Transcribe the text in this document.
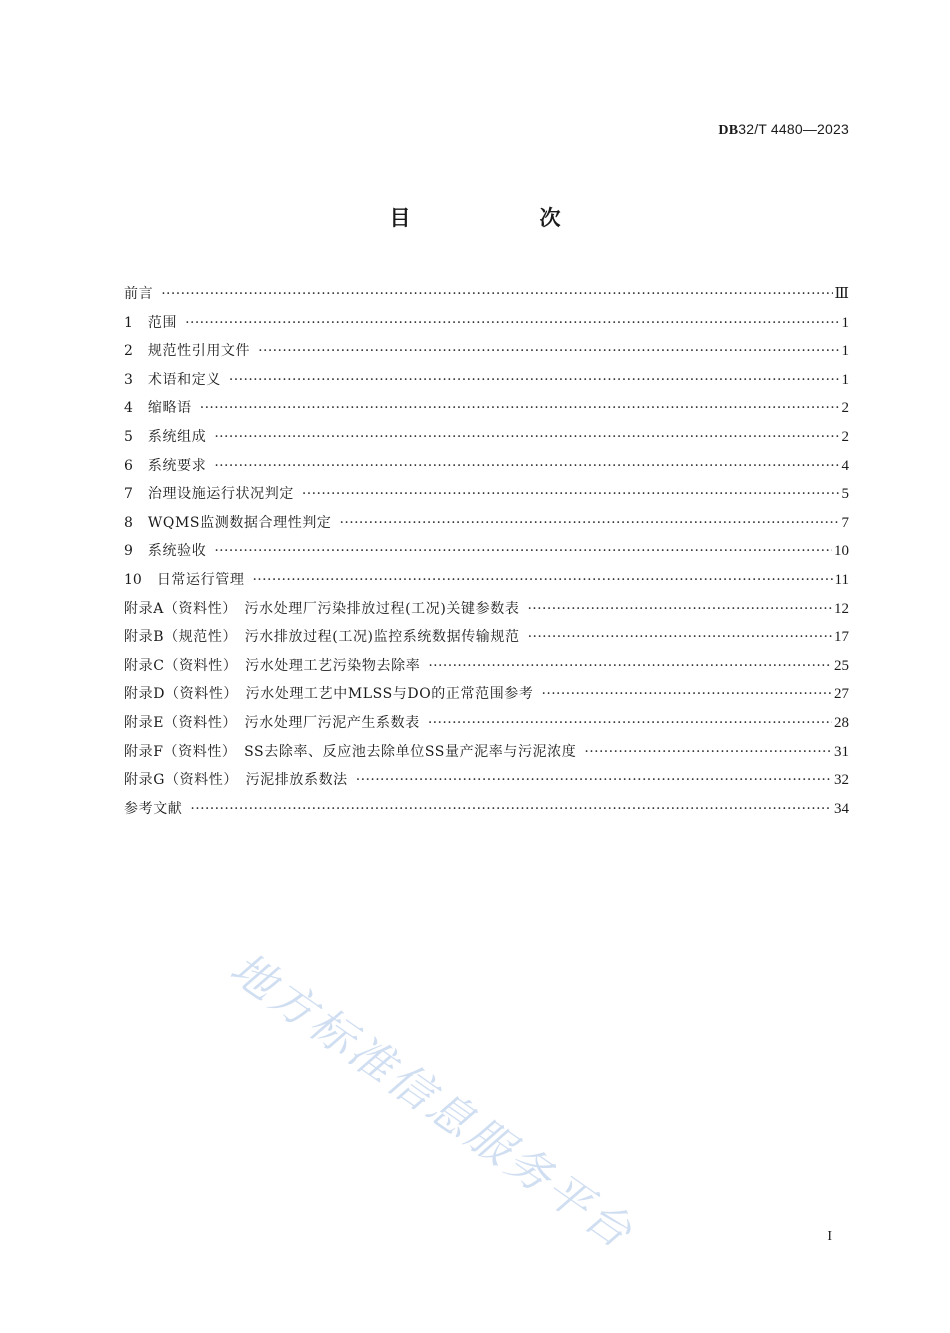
DB32/T 4480—2023
目　次
前言 ·····	Ⅲ
1 范围 ·····	1
2 规范性引用文件 ·····	1
3 术语和定义 ·····	1
4 缩略语 ·····	2
5 系统组成 ·····	2
6 系统要求 ·····	4
7 治理设施运行状况判定 ·····	5
8 WQMS监测数据合理性判定 ·····	7
9 系统验收 ·····	10
10 日常运行管理 ·····	11
附录A（资料性）　污水处理厂污染排放过程(工况)关键参数表 ·····	12
附录B（规范性）　污水排放过程(工况)监控系统数据传输规范 ·····	17
附录C（资料性）　污水处理工艺污染物去除率 ·····	25
附录D（资料性）　污水处理工艺中MLSS与DO的正常范围参考 ·····	27
附录E（资料性）　污水处理厂污泥产生系数表 ·····	28
附录F（资料性）　SS去除率、反应池去除单位SS量产泥率与污泥浓度 ·····	31
附录G（资料性）　污泥排放系数法 ·····	32
参考文献 ·····	34
地方标准信息服务平台	I
